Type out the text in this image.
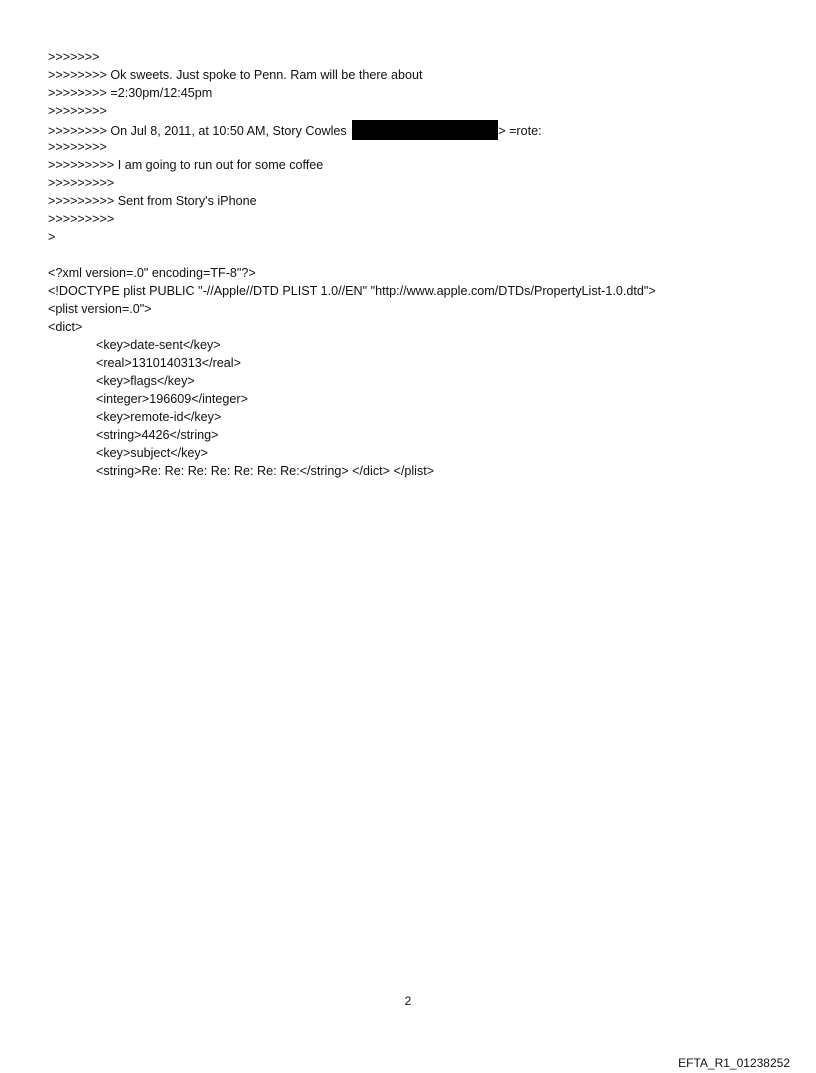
>>>>>>>
>>>>>>>> Ok sweets. Just spoke to Penn. Ram will be there about
>>>>>>>> =2:30pm/12:45pm
>>>>>>>>
>>>>>>>> On Jul 8, 2011, at 10:50 AM, Story Cowles	> =rote:
>>>>>>>>
>>>>>>>>> I am going to run out for some coffee
>>>>>>>>>
>>>>>>>>> Sent from Story's iPhone
>>>>>>>>>
>
<?xml version=.0" encoding=TF-8"?>
<!DOCTYPE plist PUBLIC "-//Apple//DTD PLIST 1.0//EN" "http://www.apple.com/DTDs/PropertyList-1.0.dtd">
<plist version=.0">
<dict>
<key>date-sent</key>
<real>1310140313</real>
<key>flags</key>
<integer>196609</integer>
<key>remote-id</key>
<string>4426</string>
<key>subject</key>
<string>Re: Re: Re: Re: Re: Re: Re:</string> </dict> </plist>
2
EFTA_R1_01238252
